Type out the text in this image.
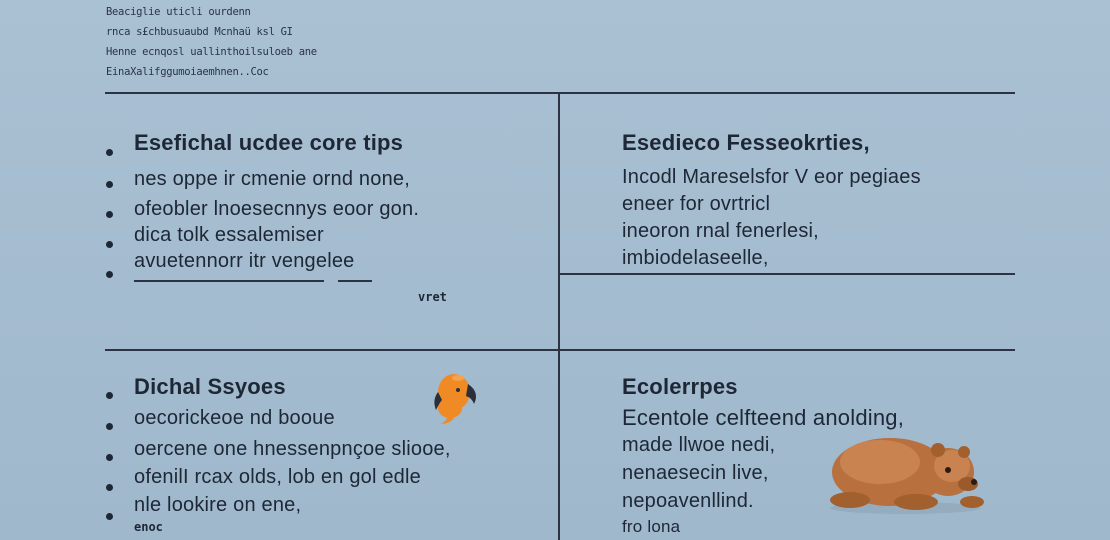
Beaciglie uticli ourdenn
rnca s£chbusuaubd Mcnhaü ksl GI
Henne ecnqosl uallinthoilsuloeb ane
EinaXalifggumoiaemhnen..Coc
Esefichal ucdee core tips
nes oppe ir cmenie ornd none,
ofeobler lnoesecnnys eoor gon.
dica tolk essalemiser
avuetennorr itr vengelee
vret
Esedieco Fesseokrties,
Incodl Mareselsfor V eor pegiaes
eneer for ovrtricl
ineoron rnal fenerlesi,
imbiodelaseelle,
Dichal Ssyoes
oecorickeoe nd booue
oercene one hnessenpnçoe sliooe,
ofenilI rcax olds, lob en gol edle
nle lookire on ene,
enoc
Ecolerrpes
Ecentole celfteend anolding,
made llwoe nedi,
nenaesecin live,
nepoavenllind.
fro lona
